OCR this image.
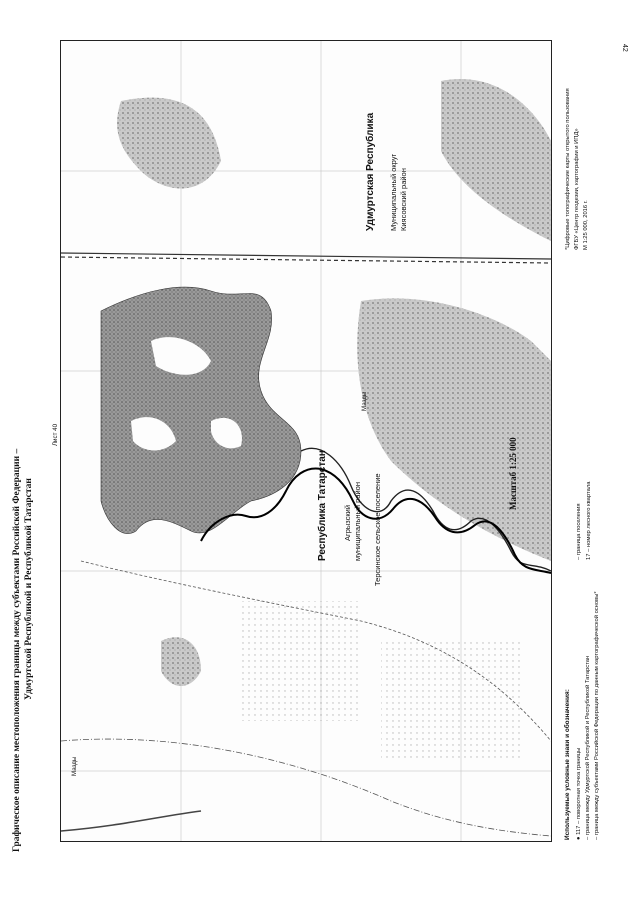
42
Графическое описание местоположения границы между субъектами Российской Федерации – Удмуртской Республикой и Республикой Татарстан
Лист 40
Республика Татарстан Агрызский муниципальный район Терсинское сельское поселение
Удмуртская Республика Муниципальный округ Киясовский район
Мазды
Мазды
Масштаб 1:25 000
Используемые условные знаки и обозначения: ● 117 – поворотная точка границы – граница между Удмуртской Республикой и Республикой Татарстан – граница между субъектами Российской Федерации по данным картографической основы*
– граница поселения 17 – номер лесного квартала
*Цифровые топографические карты открытого пользования ФГБУ «Центр геодезии, картографии и ИПД» М 1:25 000, 2016 г.
